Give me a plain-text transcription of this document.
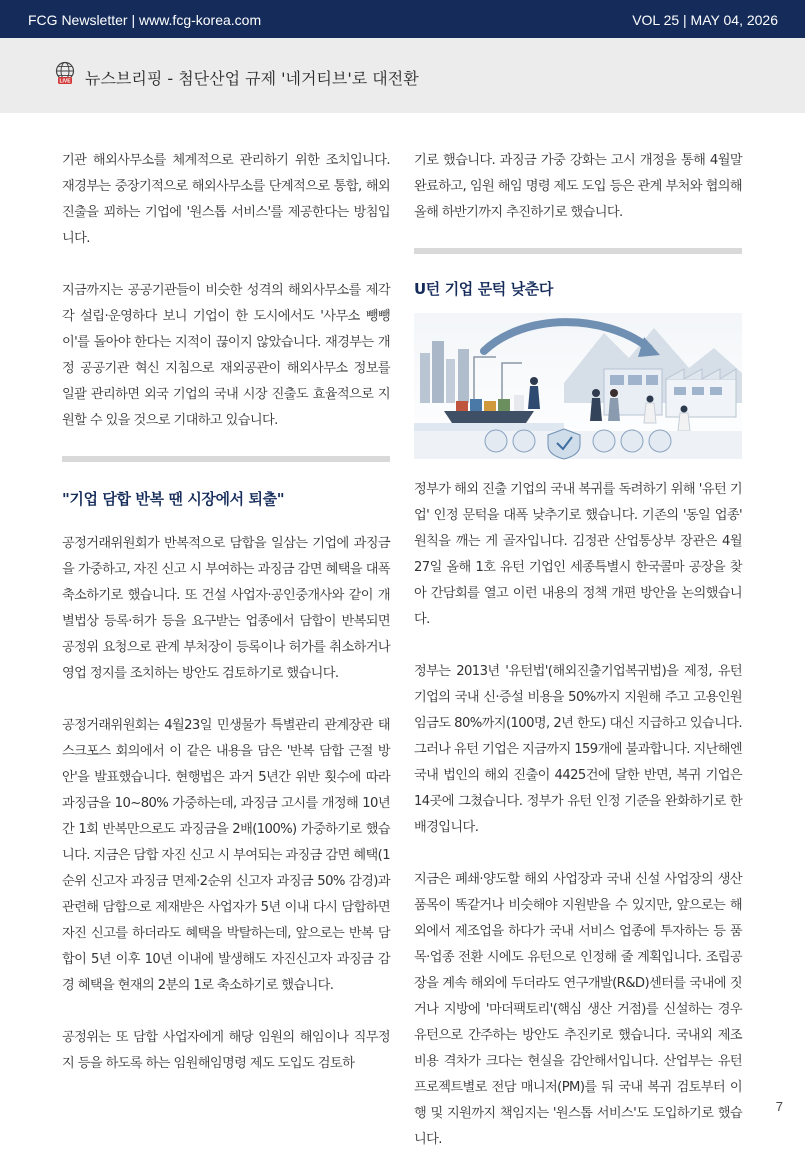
FCG Newsletter | www.fcg-korea.com	VOL 25 | MAY 04, 2026
LIVE 뉴스브리핑 - 첨단산업 규제 '네거티브'로 대전환

기관 해외사무소를 체계적으로 관리하기 위한 조치입니다. 재경부는 중장기적으로 해외사무소를 단계적으로 통합, 해외 진출을 꾀하는 기업에 '원스톱 서비스'를 제공한다는 방침입니다.

지금까지는 공공기관들이 비슷한 성격의 해외사무소를 제각각 설립·운영하다 보니 기업이 한 도시에서도 '사무소 뺑뺑이'를 돌아야 한다는 지적이 끊이지 않았습니다. 재경부는 개정 공공기관 혁신 지침으로 재외공관이 해외사무소 정보를 일괄 관리하면 외국 기업의 국내 시장 진출도 효율적으로 지원할 수 있을 것으로 기대하고 있습니다.

"기업 담합 반복 땐 시장에서 퇴출"

공정거래위원회가 반복적으로 담합을 일삼는 기업에 과징금을 가중하고, 자진 신고 시 부여하는 과징금 감면 혜택을 대폭 축소하기로 했습니다. 또 건설 사업자·공인중개사와 같이 개별법상 등록·허가 등을 요구받는 업종에서 담합이 반복되면 공정위 요청으로 관계 부처장이 등록이나 허가를 취소하거나 영업 정지를 조치하는 방안도 검토하기로 했습니다.

공정거래위원회는 4월23일 민생물가 특별관리 관계장관 태스크포스 회의에서 이 같은 내용을 담은 '반복 담합 근절 방안'을 발표했습니다. 현행법은 과거 5년간 위반 횟수에 따라 과징금을 10~80% 가중하는데, 과징금 고시를 개정해 10년간 1회 반복만으로도 과징금을 2배(100%) 가중하기로 했습니다. 지금은 담합 자진 신고 시 부여되는 과징금 감면 혜택(1순위 신고자 과징금 면제·2순위 신고자 과징금 50% 감경)과 관련해 담합으로 제재받은 사업자가 5년 이내 다시 담합하면 자진 신고를 하더라도 혜택을 박탈하는데, 앞으로는 반복 담합이 5년 이후 10년 이내에 발생해도 자진신고자 과징금 감경 혜택을 현재의 2분의 1로 축소하기로 했습니다.

공정위는 또 담합 사업자에게 해당 임원의 해임이나 직무정지 등을 하도록 하는 임원해임명령 제도 도입도 검토하

기로 했습니다. 과징금 가중 강화는 고시 개정을 통해 4월말 완료하고, 임원 해임 명령 제도 도입 등은 관계 부처와 협의해 올해 하반기까지 추진하기로 했습니다.

U턴 기업 문턱 낮춘다

정부가 해외 진출 기업의 국내 복귀를 독려하기 위해 '유턴 기업' 인정 문턱을 대폭 낮추기로 했습니다. 기존의 '동일 업종' 원칙을 깨는 게 골자입니다. 김정관 산업통상부 장관은 4월27일 올해 1호 유턴 기업인 세종특별시 한국콜마 공장을 찾아 간담회를 열고 이런 내용의 정책 개편 방안을 논의했습니다.

정부는 2013년 '유턴법'(해외진출기업복귀법)을 제정, 유턴 기업의 국내 신·증설 비용을 50%까지 지원해 주고 고용인원 임금도 80%까지(100명, 2년 한도) 대신 지급하고 있습니다. 그러나 유턴 기업은 지금까지 159개에 불과합니다. 지난해엔 국내 법인의 해외 진출이 4425건에 달한 반면, 복귀 기업은 14곳에 그쳤습니다. 정부가 유턴 인정 기준을 완화하기로 한 배경입니다.

지금은 폐쇄·양도할 해외 사업장과 국내 신설 사업장의 생산 품목이 똑같거나 비슷해야 지원받을 수 있지만, 앞으로는 해외에서 제조업을 하다가 국내 서비스 업종에 투자하는 등 품목·업종 전환 시에도 유턴으로 인정해 줄 계획입니다. 조립공장을 계속 해외에 두더라도 연구개발(R&D)센터를 국내에 짓거나 지방에 '마더팩토리'(핵심 생산 거점)를 신설하는 경우 유턴으로 간주하는 방안도 추진키로 했습니다. 국내외 제조비용 격차가 크다는 현실을 감안해서입니다. 산업부는 유턴 프로젝트별로 전담 매니저(PM)를 둬 국내 복귀 검토부터 이행 및 지원까지 책임지는 '원스톱 서비스'도 도입하기로 했습니다.

7
